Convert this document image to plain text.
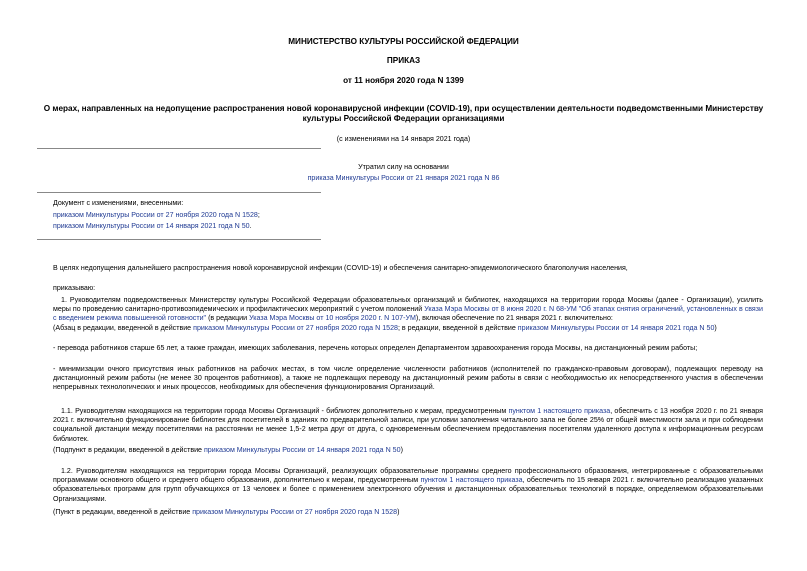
МИНИСТЕРСТВО КУЛЬТУРЫ РОССИЙСКОЙ ФЕДЕРАЦИИ
ПРИКАЗ
от 11 ноября 2020 года N 1399
О мерах, направленных на недопущение распространения новой коронавирусной инфекции (COVID-19), при осуществлении деятельности подведомственными Министерству культуры Российской Федерации организациями
(с изменениями на 14 января 2021 года)
Утратил силу на основании
приказа Минкультуры России от 21 января 2021 года N 86
Документ с изменениями, внесенными:
приказом Минкультуры России от 27 ноября 2020 года N 1528;
приказом Минкультуры России от 14 января 2021 года N 50.
В целях недопущения дальнейшего распространения новой коронавирусной инфекции (COVID-19) и обеспечения санитарно-эпидемиологического благополучия населения,
приказываю:
1. Руководителям подведомственных Министерству культуры Российской Федерации образовательных организаций и библиотек, находящихся на территории города Москвы (далее - Организации), усилить меры по проведению санитарно-противоэпидемических и профилактических мероприятий с учетом положений Указа Мэра Москвы от 8 июня 2020 г. N 68-УМ "Об этапах снятия ограничений, установленных в связи с введением режима повышенной готовности" (в редакции Указа Мэра Москвы от 10 ноября 2020 г. N 107-УМ), включая обеспечение по 21 января 2021 г. включительно:
(Абзац в редакции, введенной в действие приказом Минкультуры России от 27 ноября 2020 года N 1528; в редакции, введенной в действие приказом Минкультуры России от 14 января 2021 года N 50)
- перевода работников старше 65 лет, а также граждан, имеющих заболевания, перечень которых определен Департаментом здравоохранения города Москвы, на дистанционный режим работы;
- минимизации очного присутствия иных работников на рабочих местах, в том числе определение численности работников (исполнителей по гражданско-правовым договорам), подлежащих переводу на дистанционный режим работы (не менее 30 процентов работников), а также не подлежащих переводу на дистанционный режим работы в связи с необходимостью их непосредственного участия в обеспечении непрерывных технологических и иных процессов, необходимых для обеспечения функционирования Организаций.
1.1. Руководителям находящихся на территории города Москвы Организаций - библиотек дополнительно к мерам, предусмотренным пунктом 1 настоящего приказа, обеспечить с 13 ноября 2020 г. по 21 января 2021 г. включительно функционирование библиотек для посетителей в зданиях по предварительной записи, при условии заполнения читального зала не более 25% от общей вместимости зала и при соблюдении социальной дистанции между посетителями на расстоянии не менее 1,5-2 метра друг от друга, с одновременным обеспечением предоставления посетителям удаленного доступа к информационным ресурсам библиотек.
(Подпункт в редакции, введенной в действие приказом Минкультуры России от 14 января 2021 года N 50)
1.2. Руководителям находящихся на территории города Москвы Организаций, реализующих образовательные программы среднего профессионального образования, интегрированные с образовательными программами основного общего и среднего общего образования, дополнительно к мерам, предусмотренным пунктом 1 настоящего приказа, обеспечить по 15 января 2021 г. включительно реализацию указанных образовательных программ для групп обучающихся от 13 человек и более с применением электронного обучения и дистанционных образовательных технологий в порядке, определяемом образовательными Организациями.
(Пункт в редакции, введенной в действие приказом Минкультуры России от 27 ноября 2020 года N 1528)
